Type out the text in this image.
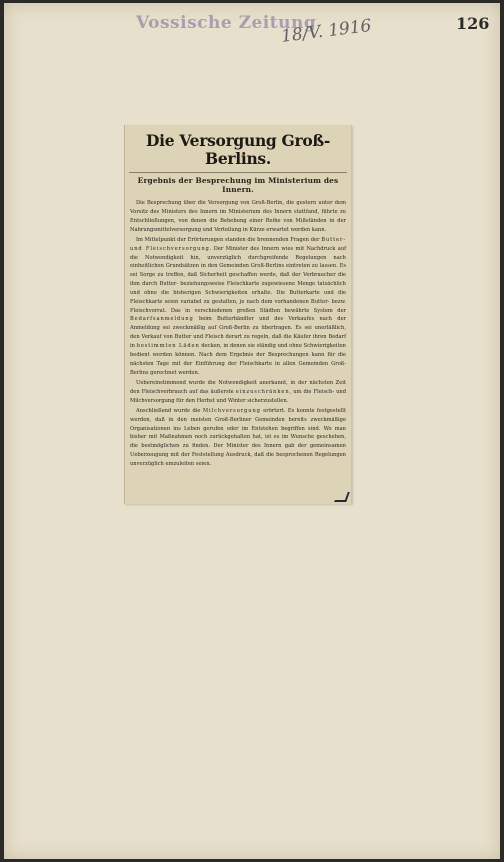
Vossische Zeitung
18/V. 1916	126
Die Versorgung Groß-Berlins.
Ergebnis der Besprechung im Ministerium des Innern.

Die Besprechung über die Versorgung von Groß-Berlin, die gestern unter dem Vorsitz des Ministers des Innern im Ministerium des Innern stattfand, führte zu Entschließungen, von denen die Behebung einer Reihe von Mißständen in der Nahrungsmittelversorgung und Verteilung in Kürze erwartet werden kann.

Im Mittelpunkt der Erörterungen standen die brennenden Fragen der Butter- und Fleischversorgung. Der Minister des Innern wies mit Nachdruck auf die Notwendigkeit hin, unverzüglich durchgreifende Regelungen nach einheitlichen Grundsätzen in den Gemeinden Groß-Berlins eintreten zu lassen. Es sei Sorge zu treffen, daß Sicherheit geschaffen werde, daß der Verbraucher die ihm durch Butter- beziehungsweise Fleischkarte zugewiesene Menge tatsächlich und ohne die bisherigen Schwierigkeiten erhalte. Die Butterkarte und die Fleischkarte seien variabel zu gestalten, je nach dem vorhandenen Butter- bezw. Fleischvorrat. Das in verschiedenen großen Städten bewährte System der Bedarfsanmeldung beim Butterhändler und des Verkaufes nach der Anmeldung sei zweckmäßig auf Groß-Berlin zu übertragen. Es sei unerläßlich, den Verkauf von Butter und Fleisch derart zu regeln, daß die Käufer ihren Bedarf in bestimmten Läden decken, in denen sie ständig und ohne Schwierigkeiten bedient werden können. Nach dem Ergebnis der Besprechungen kann für die nächsten Tage mit der Einführung der Fleischkarte in allen Gemeinden Groß-Berlins gerechnet werden.

Uebereinstimmend wurde die Notwendigkeit anerkannt, in der nächsten Zeit den Fleischverbrauch auf das äußerste einzuschränken, um die Fleisch- und Milchversorgung für den Herbst und Winter sicherzustellen.

Anschließend wurde die Milchversorgung erörtert. Es konnte festgestellt werden, daß in den meisten Groß-Berliner Gemeinden bereits zweckmäßige Organisationen ins Leben gerufen oder im Entstehen begriffen sind. Wo man bisher mit Maßnahmen noch zurückgehalten hat, ist es im Wunsche geschehen, die bestmöglichen zu finden. Der Minister des Innern gab der gemeinsamen Ueberzeugung mit der Feststellung Ausdruck, daß die besprochenen Regelungen unverzüglich einzuleiten seien.
